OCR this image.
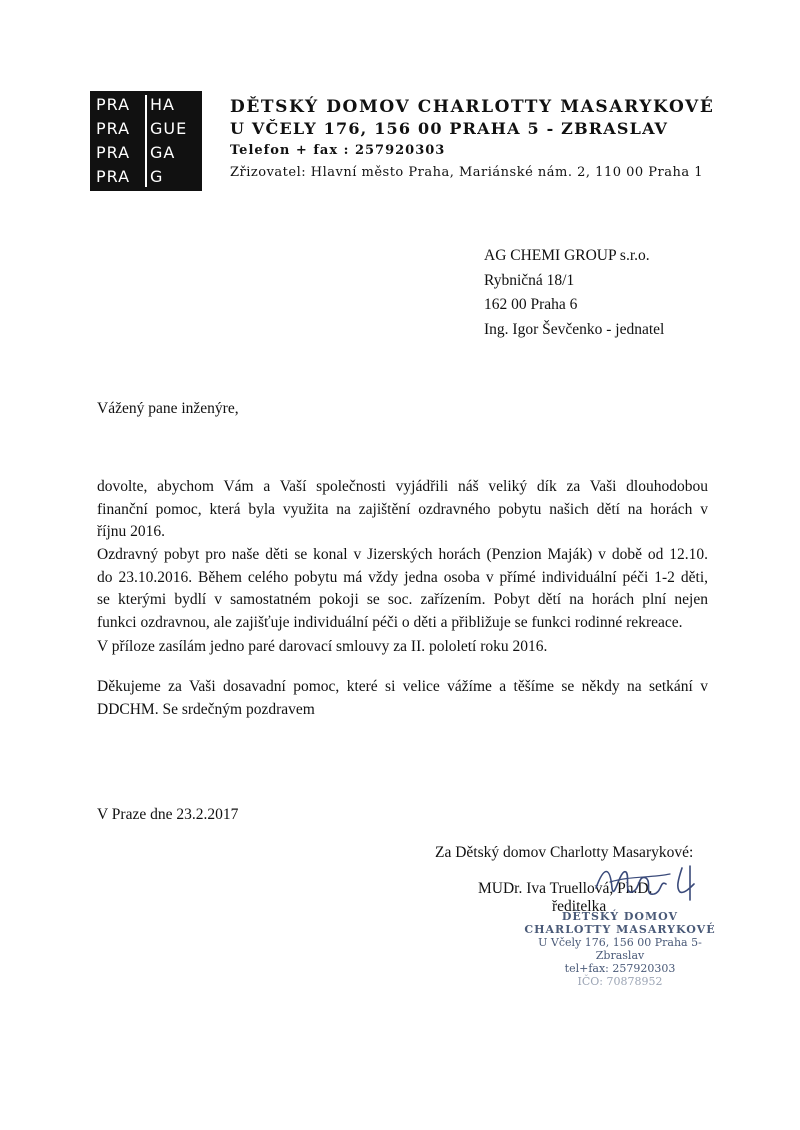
PRA	HA
PRA	GUE
PRA	GA
PRA	G
DĚTSKÝ DOMOV CHARLOTTY MASARYKOVÉ
U VČELY 176, 156 00 PRAHA 5 - ZBRASLAV
Telefon + fax : 257920303
Zřizovatel: Hlavní město Praha, Mariánské nám. 2, 110 00 Praha 1
AG CHEMI GROUP s.r.o.
Rybničná 18/1
162 00 Praha 6
Ing. Igor Ševčenko - jednatel
Vážený pane inženýre,
dovolte, abychom Vám a Vaší společnosti vyjádřili náš veliký dík za Vaši dlouhodobou
finanční pomoc, která byla využita na zajištění ozdravného pobytu našich dětí na horách v
říjnu 2016.
Ozdravný pobyt pro naše děti se konal v Jizerských horách (Penzion Maják) v době od 12.10.
do 23.10.2016. Během celého pobytu má vždy jedna osoba v přímé individuální péči 1-2 děti,
se kterými bydlí v samostatném pokoji se soc. zařízením. Pobyt dětí na horách plní nejen
funkci ozdravnou, ale zajišťuje individuální péči o děti a přibližuje se funkci rodinné rekreace.
V příloze zasílám jedno paré darovací smlouvy za II. pololetí roku 2016.
Děkujeme za Vaši dosavadní pomoc, které si velice vážíme a těšíme se někdy na setkání v
DDCHM. Se srdečným pozdravem
V Praze dne 23.2.2017
Za Dětský domov Charlotty Masarykové:
MUDr. Iva Truellová, Ph.D.
ředitelka
DĚTSKÝ DOMOV
CHARLOTTY MASARYKOVÉ
U Včely 176, 156 00 Praha 5-Zbraslav
tel+fax: 257920303
IČO: 70878952
